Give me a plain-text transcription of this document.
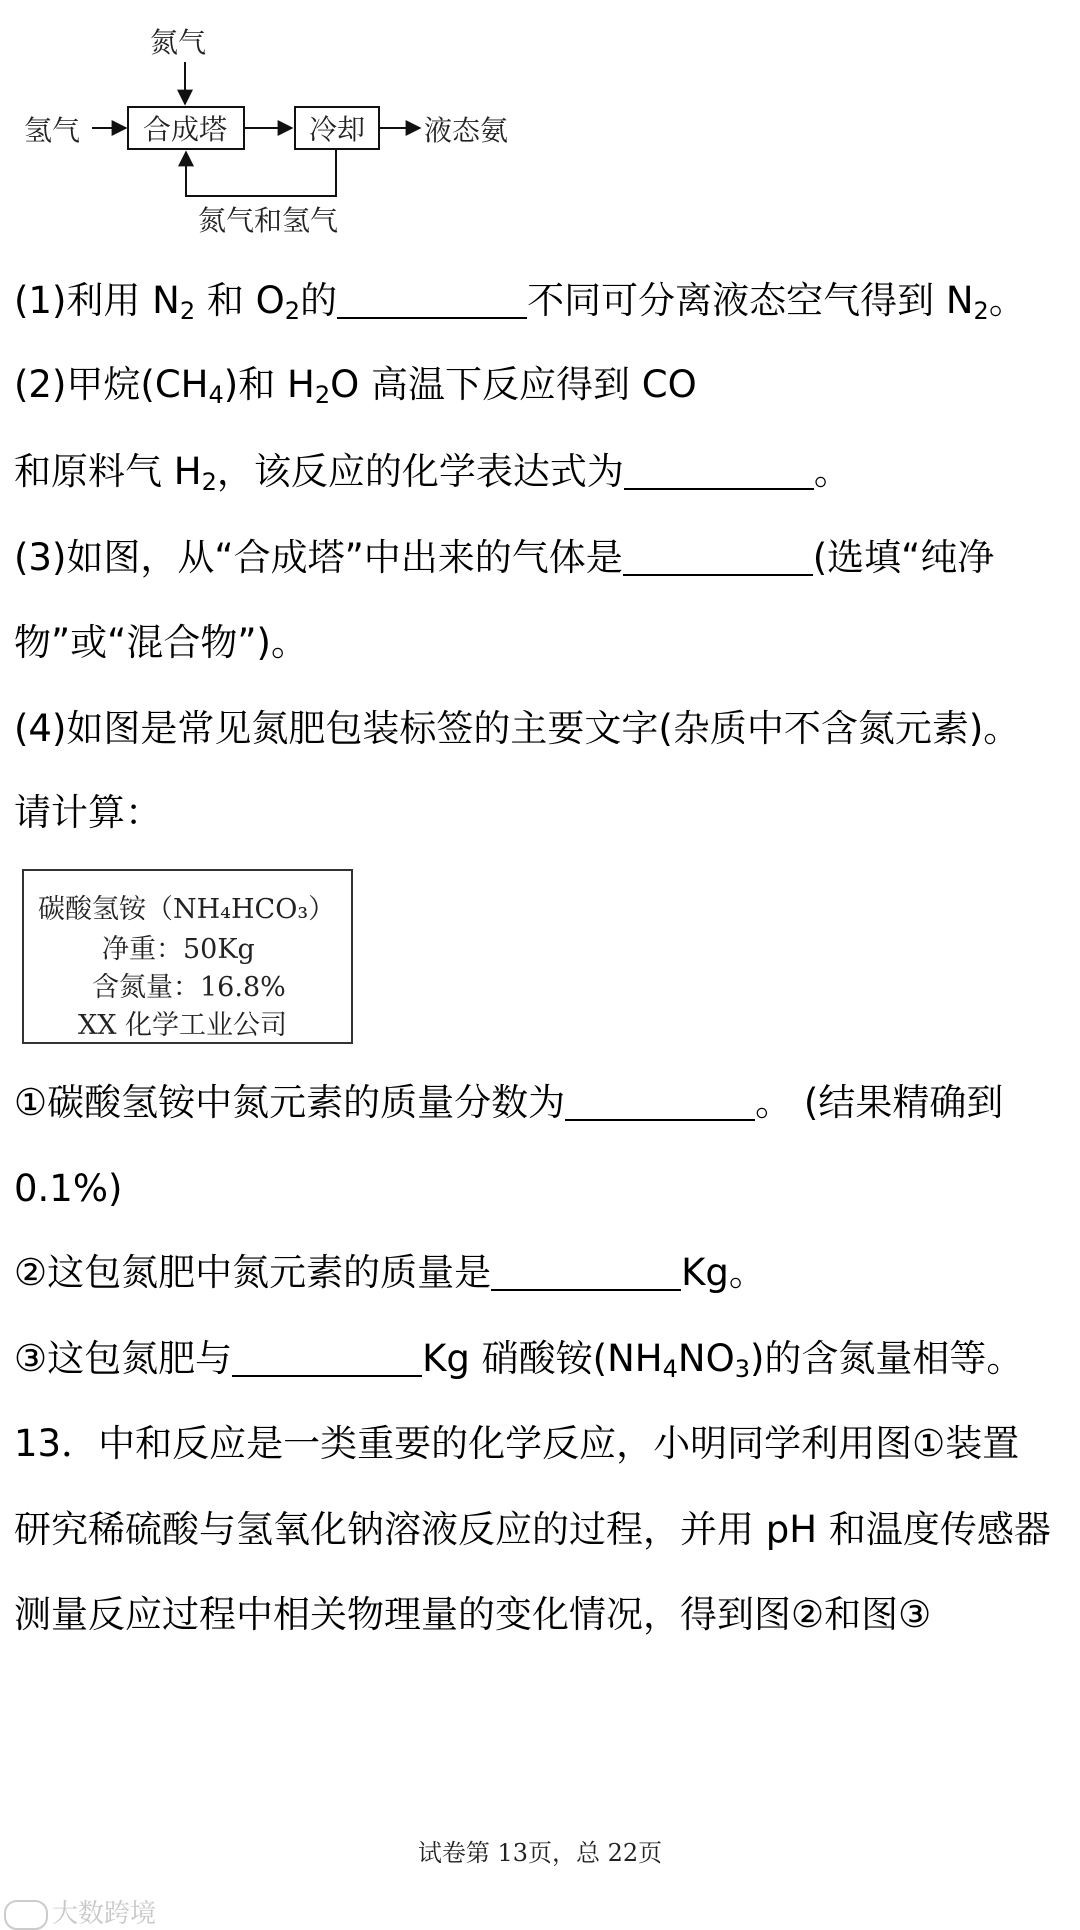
氮气
氢气 合成塔	冷却 液态氨
氮气和氢气
(1)利用 $N_2$ 和 $O_2$的	不同可分离液态空气得到 $N_2$。
(2)甲烷$(CH_4)$和 $H_2O$ 高温下反应得到 CO
和原料气 $H_2$，该反应的化学表达式为	。
(3)如图，从“合成塔”中出来的气体是	(选填“纯净
物”或“混合物”)。
(4)如图是常见氮肥包装标签的主要文字(杂质中不含氮元素)。
请计算：
碳酸氢铵（NH₄HCO₃）
净重：50Kg
含氮量：16.8%
XX 化学工业公司
①碳酸氢铵中氮元素的质量分数为	。 (结果精确到
0.1%)
②这包氮肥中氮元素的质量是	Kg。
③这包氮肥与	Kg 硝酸铵$(NH_4NO_3)$的含氮量相等。
13．中和反应是一类重要的化学反应，小明同学利用图①装置
研究稀硫酸与氢氧化钠溶液反应的过程，并用 pH 和温度传感器
测量反应过程中相关物理量的变化情况，得到图②和图③
试卷第 13页，总 22页
大数跨境
